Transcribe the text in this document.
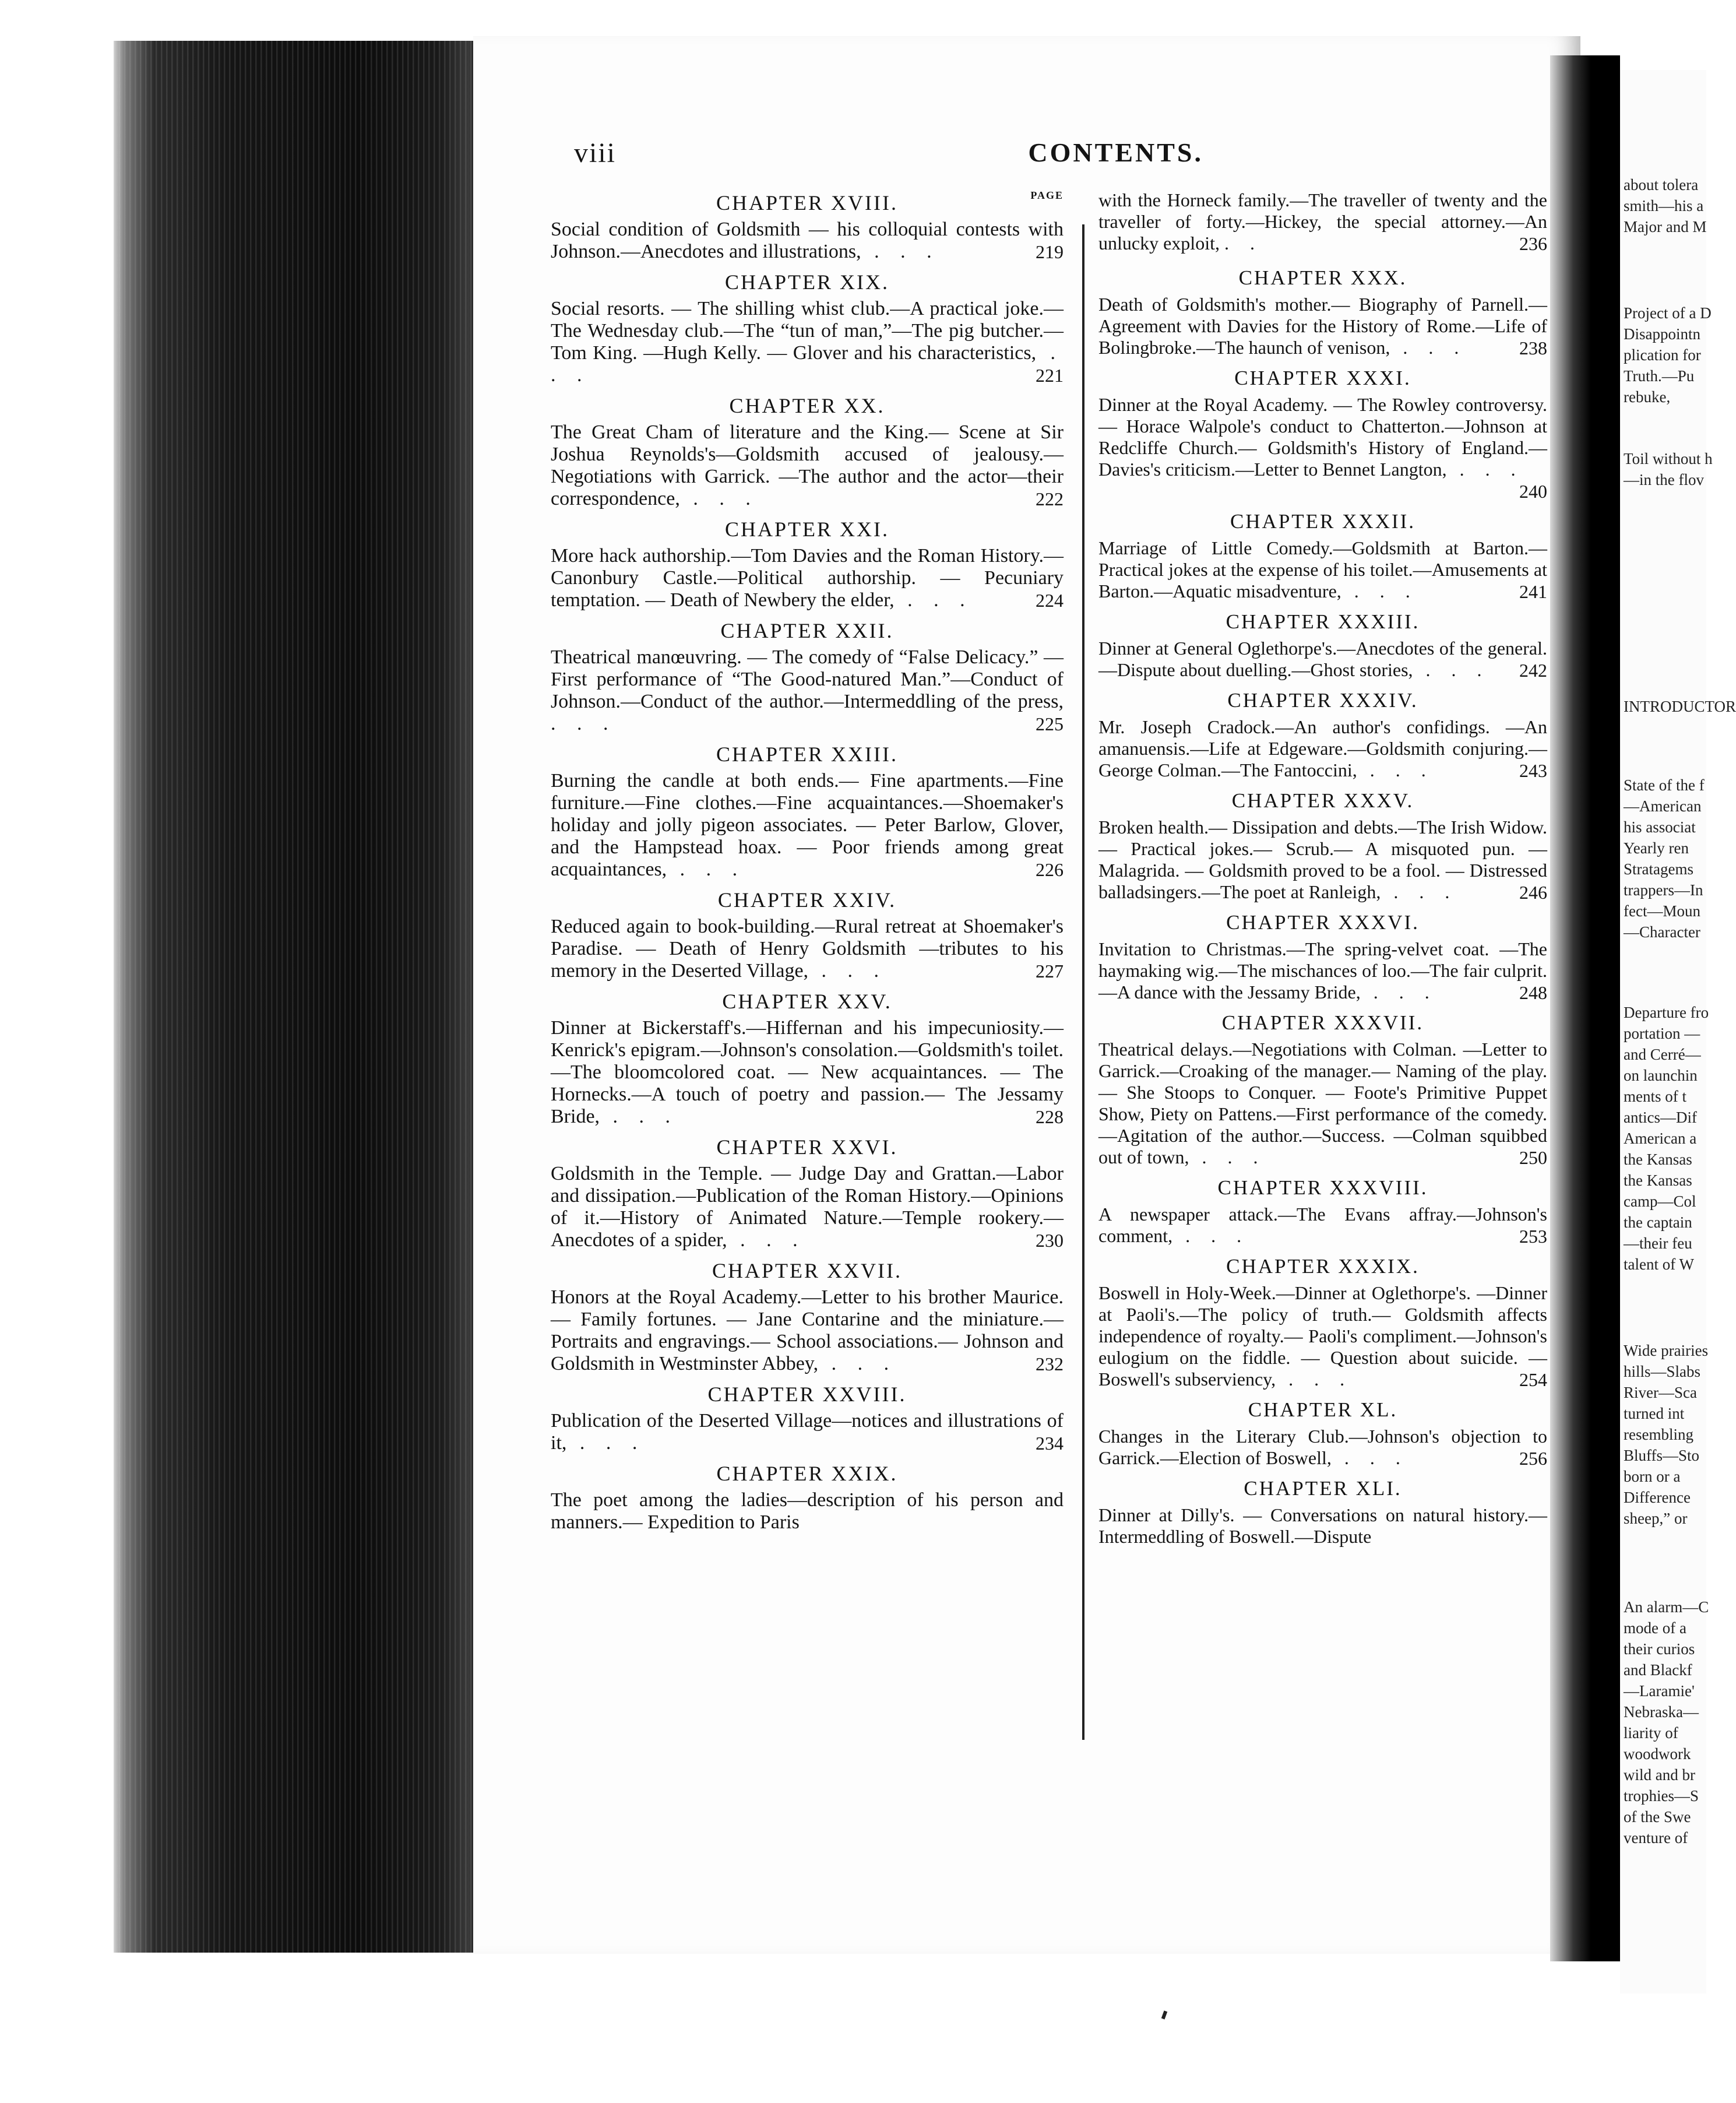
about tolera
smith—his a
Major and M
Project of a D
Disappointn
plication for
Truth.—Pu
rebuke,
Toil without h
—in the flov
INTRODUCTOR
State of the f
—American
his associat
Yearly ren
Stratagems
trappers—In
fect—Moun
—Character
Departure fro
portation —
and Cerré—
on launchin
ments of t
antics—Dif
American a
the Kansas
the Kansas
camp—Col
the captain
—their feu
talent of W
Wide prairies
hills—Slabs
River—Sca
turned int
resembling
Bluffs—Sto
born or a
Difference
sheep,” or
An alarm—C
mode of a
their curios
and Blackf
—Laramie'
Nebraska—
liarity of
woodwork
wild and br
trophies—S
of the Swe
venture of
viii	CONTENTS.
PAGE
CHAPTER XVIII.
Social condition of Goldsmith — his colloquial contests with Johnson.—Anecdotes and illustrations, . . .	219
CHAPTER XIX.
Social resorts. — The shilling whist club.—A practical joke.—The Wednesday club.—The “tun of man,”—The pig butcher.—Tom King. —Hugh Kelly. — Glover and his characteristics, . . .	221
CHAPTER XX.
The Great Cham of literature and the King.— Scene at Sir Joshua Reynolds's—Goldsmith accused of jealousy.—Negotiations with Garrick. —The author and the actor—their correspondence, . . .	222
CHAPTER XXI.
More hack authorship.—Tom Davies and the Roman History.—Canonbury Castle.—Political authorship. — Pecuniary temptation. — Death of Newbery the elder, . . .	224
CHAPTER XXII.
Theatrical manœuvring. — The comedy of “False Delicacy.” — First performance of “The Good-natured Man.”—Conduct of Johnson.—Conduct of the author.—Intermeddling of the press, . . .	225
CHAPTER XXIII.
Burning the candle at both ends.— Fine apartments.—Fine furniture.—Fine clothes.—Fine acquaintances.—Shoemaker's holiday and jolly pigeon associates. — Peter Barlow, Glover, and the Hampstead hoax. — Poor friends among great acquaintances, . . .	226
CHAPTER XXIV.
Reduced again to book-building.—Rural retreat at Shoemaker's Paradise. — Death of Henry Goldsmith —tributes to his memory in the Deserted Village, . . .	227
CHAPTER XXV.
Dinner at Bickerstaff's.—Hiffernan and his impecuniosity.—Kenrick's epigram.—Johnson's consolation.—Goldsmith's toilet.—The bloomcolored coat. — New acquaintances. — The Hornecks.—A touch of poetry and passion.— The Jessamy Bride, . . .	228
CHAPTER XXVI.
Goldsmith in the Temple. — Judge Day and Grattan.—Labor and dissipation.—Publication of the Roman History.—Opinions of it.—History of Animated Nature.—Temple rookery.— Anecdotes of a spider, . . .	230
CHAPTER XXVII.
Honors at the Royal Academy.—Letter to his brother Maurice. — Family fortunes. — Jane Contarine and the miniature.—Portraits and engravings.— School associations.— Johnson and Goldsmith in Westminster Abbey, . . .	232
CHAPTER XXVIII.
Publication of the Deserted Village—notices and illustrations of it, . . .	234
CHAPTER XXIX.
The poet among the ladies—description of his person and manners.— Expedition to Paris
with the Horneck family.—The traveller of twenty and the traveller of forty.—Hickey, the special attorney.—An unlucky exploit, . .	236
CHAPTER XXX.
Death of Goldsmith's mother.— Biography of Parnell.—Agreement with Davies for the History of Rome.—Life of Bolingbroke.—The haunch of venison, . . .	238
CHAPTER XXXI.
Dinner at the Royal Academy. — The Rowley controversy. — Horace Walpole's conduct to Chatterton.—Johnson at Redcliffe Church.— Goldsmith's History of England.—Davies's criticism.—Letter to Bennet Langton, . . .
240
CHAPTER XXXII.
Marriage of Little Comedy.—Goldsmith at Barton.—Practical jokes at the expense of his toilet.—Amusements at Barton.—Aquatic misadventure, . . .	241
CHAPTER XXXIII.
Dinner at General Oglethorpe's.—Anecdotes of the general.—Dispute about duelling.—Ghost stories, . . . 242
CHAPTER XXXIV.
Mr. Joseph Cradock.—An author's confidings. —An amanuensis.—Life at Edgeware.—Goldsmith conjuring.—George Colman.—The Fantoccini, . . .	243
CHAPTER XXXV.
Broken health.— Dissipation and debts.—The Irish Widow.— Practical jokes.— Scrub.— A misquoted pun. — Malagrida. — Goldsmith proved to be a fool. — Distressed balladsingers.—The poet at Ranleigh, . . .	246
CHAPTER XXXVI.
Invitation to Christmas.—The spring-velvet coat. —The haymaking wig.—The mischances of loo.—The fair culprit.—A dance with the Jessamy Bride, . . .	248
CHAPTER XXXVII.
Theatrical delays.—Negotiations with Colman. —Letter to Garrick.—Croaking of the manager.— Naming of the play.— She Stoops to Conquer. — Foote's Primitive Puppet Show, Piety on Pattens.—First performance of the comedy.—Agitation of the author.—Success. —Colman squibbed out of town, . . .	250
CHAPTER XXXVIII.
A newspaper attack.—The Evans affray.—Johnson's comment, . . .	253
CHAPTER XXXIX.
Boswell in Holy-Week.—Dinner at Oglethorpe's. —Dinner at Paoli's.—The policy of truth.— Goldsmith affects independence of royalty.— Paoli's compliment.—Johnson's eulogium on the fiddle. — Question about suicide. — Boswell's subserviency, . . .	254
CHAPTER XL.
Changes in the Literary Club.—Johnson's objection to Garrick.—Election of Boswell, . . .	256
CHAPTER XLI.
Dinner at Dilly's. — Conversations on natural history.—Intermeddling of Boswell.—Dispute
